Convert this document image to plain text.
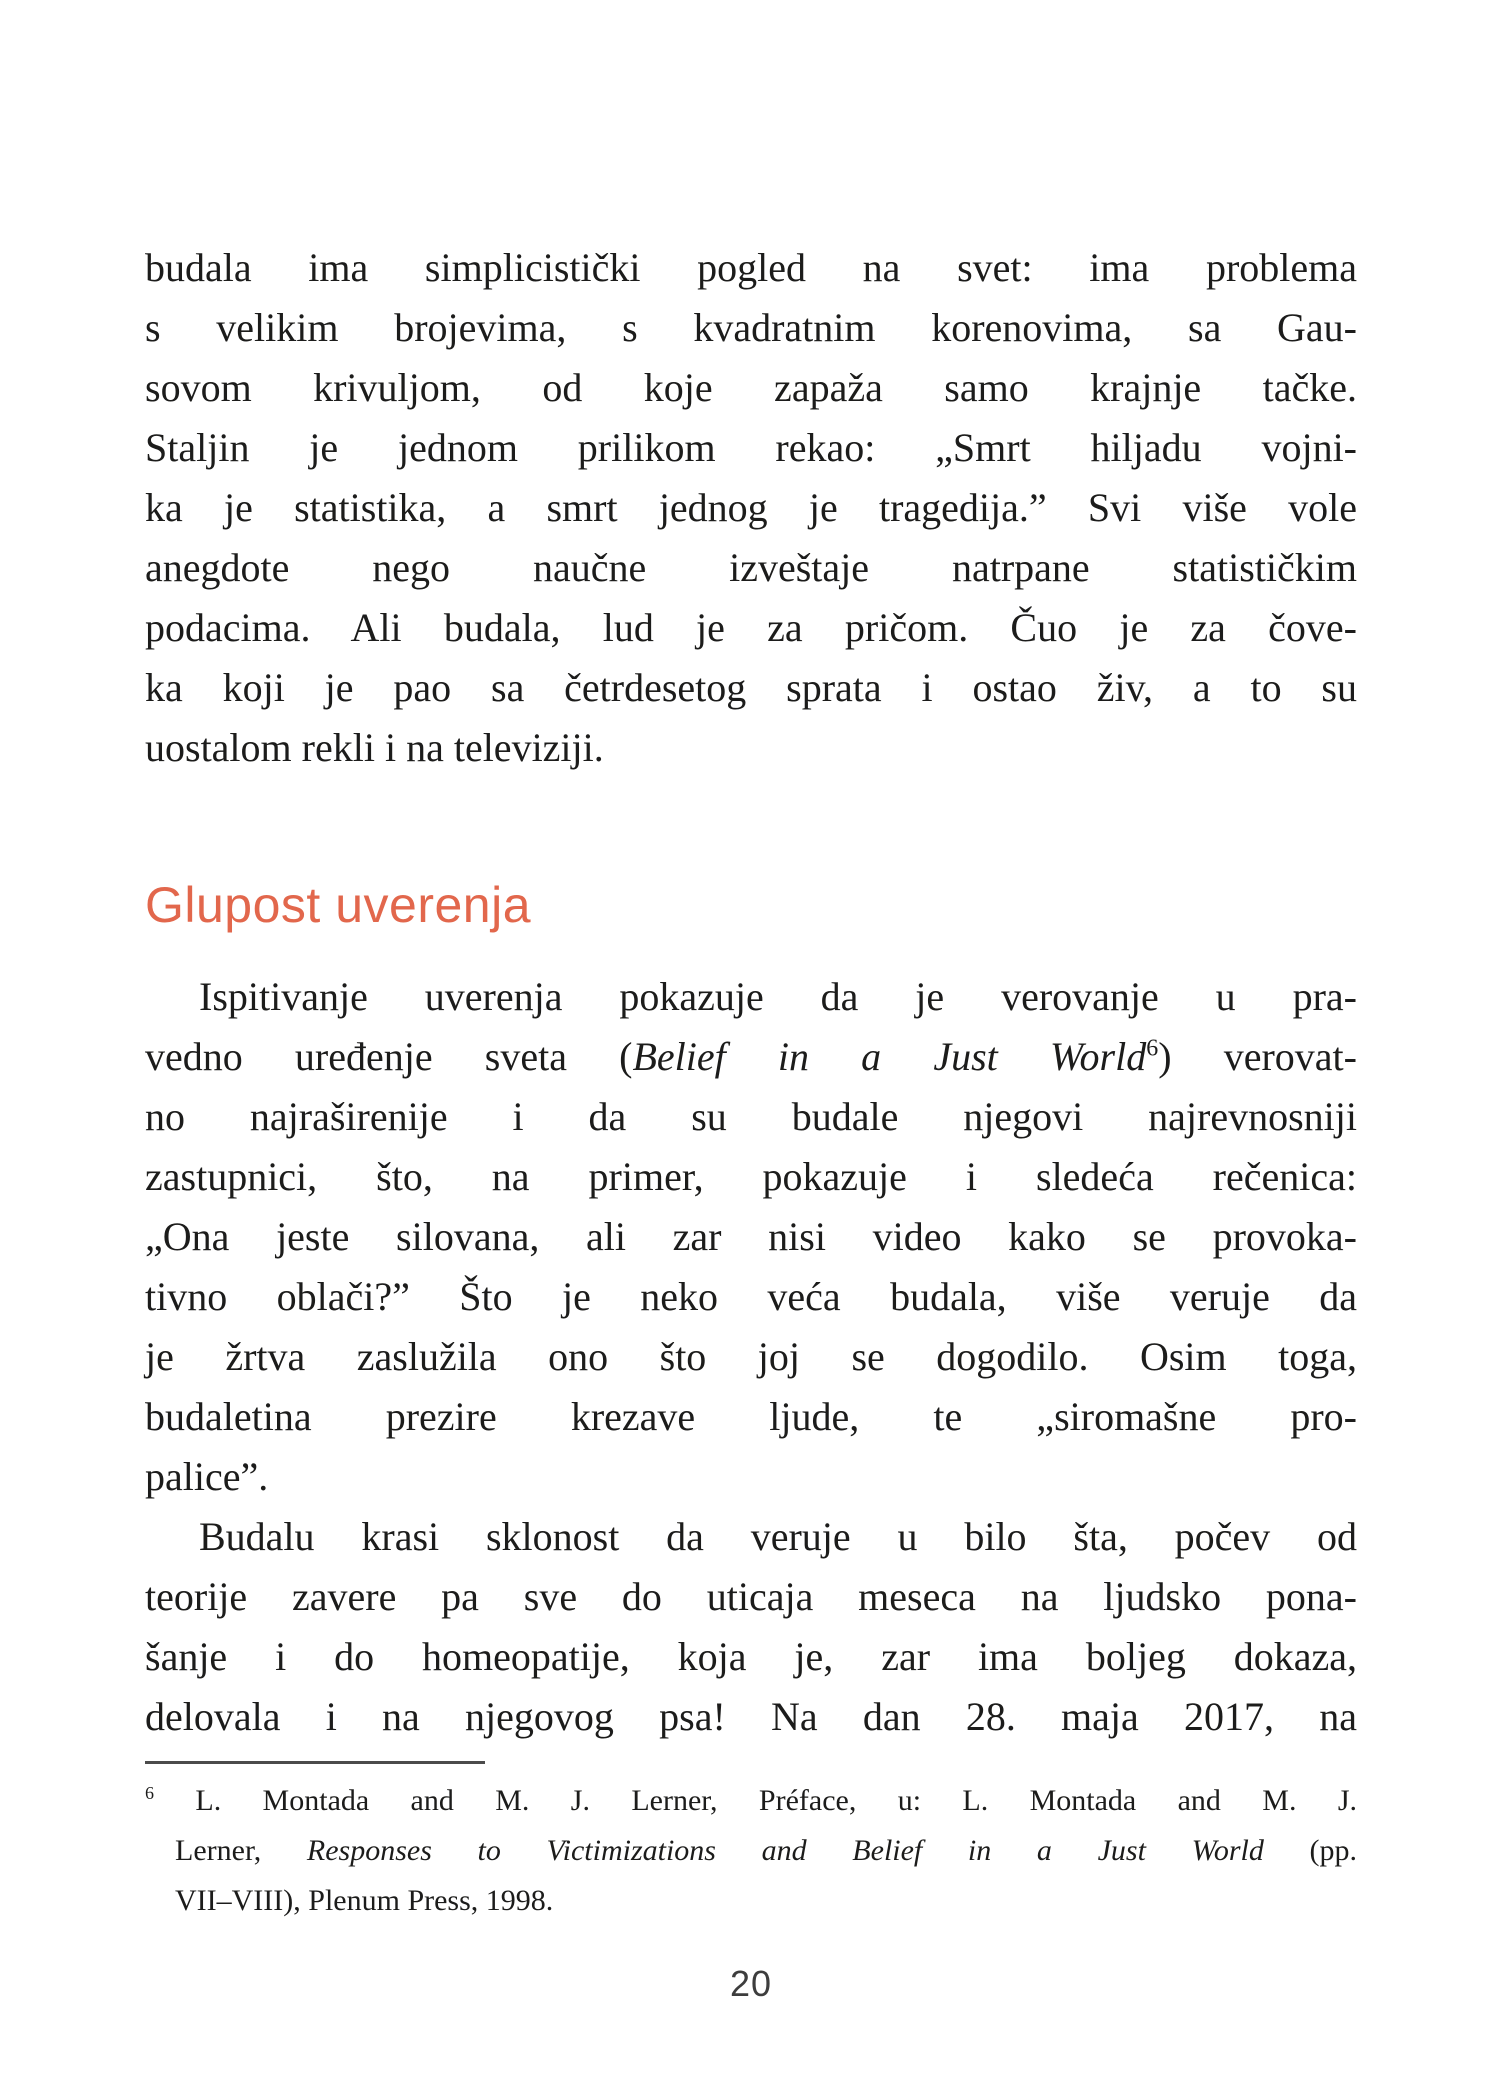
budala ima simplicistički pogled na svet: ima problema
s velikim brojevima, s kvadratnim korenovima, sa Gau-
sovom krivuljom, od koje zapaža samo krajnje tačke.
Staljin je jednom prilikom rekao: „Smrt hiljadu vojni-
ka je statistika, a smrt jednog je tragedija.” Svi više vole
anegdote nego naučne izveštaje natrpane statističkim
podacima. Ali budala, lud je za pričom. Čuo je za čove-
ka koji je pao sa četrdesetog sprata i ostao živ, a to su
uostalom rekli i na televiziji.
Glupost uverenja
Ispitivanje uverenja pokazuje da je verovanje u pra-
vedno uređenje sveta (Belief in a Just World$^6$) verovat-
no najraširenije i da su budale njegovi najrevnosniji
zastupnici, što, na primer, pokazuje i sledeća rečenica:
„Ona jeste silovana, ali zar nisi video kako se provoka-
tivno oblači?” Što je neko veća budala, više veruje da
je žrtva zaslužila ono što joj se dogodilo. Osim toga,
budaletina prezire krezave ljude, te „siromašne pro-
palice”.
Budalu krasi sklonost da veruje u bilo šta, počev od
teorije zavere pa sve do uticaja meseca na ljudsko pona-
šanje i do homeopatije, koja je, zar ima boljeg dokaza,
delovala i na njegovog psa! Na dan 28. maja 2017, na
$^6$ L. Montada and M. J. Lerner, Préface, u: L. Montada and M. J.
Lerner, Responses to Victimizations and Belief in a Just World (pp.
VII–VIII), Plenum Press, 1998.
20
